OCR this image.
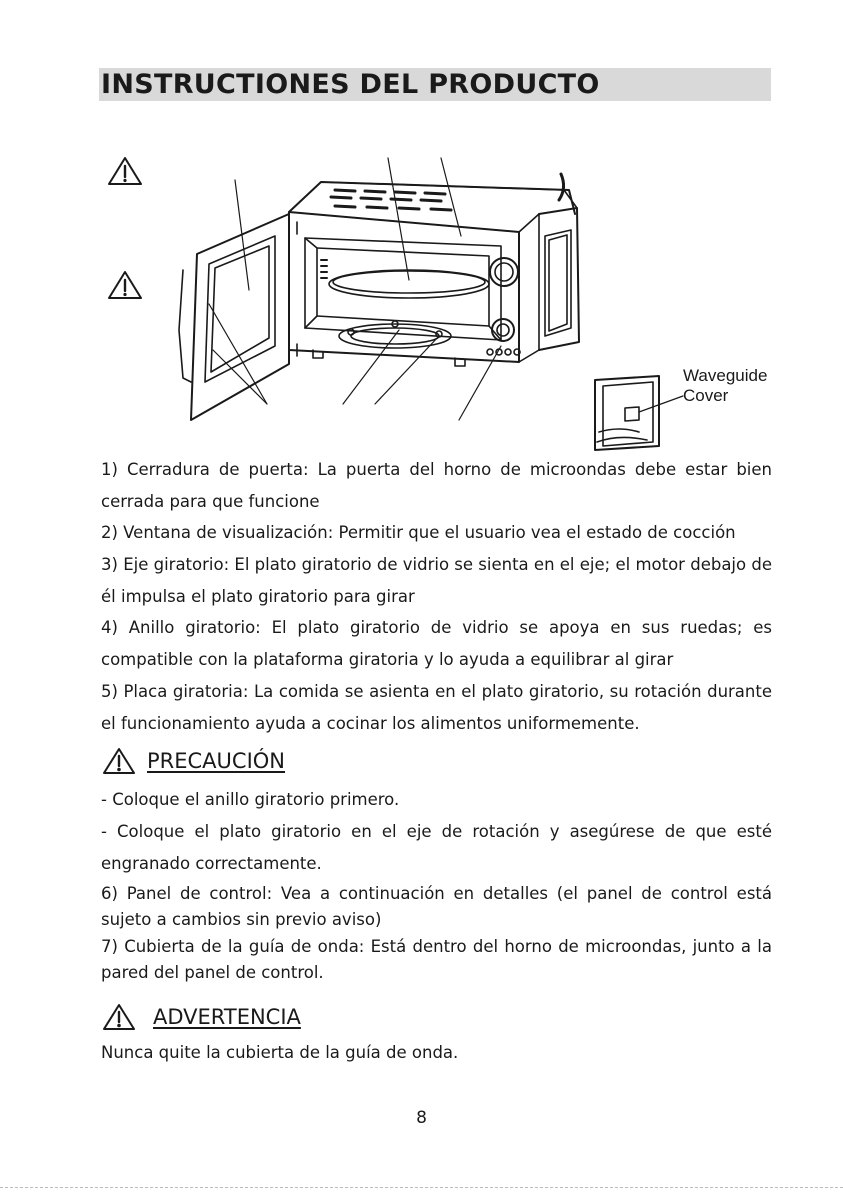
INSTRUCTIONES DEL PRODUCTO
Waveguide
Cover

1) Cerradura de puerta: La puerta del horno de microondas debe estar bien cerrada para que funcione

2) Ventana de visualización: Permitir que el usuario vea el estado de cocción

3) Eje giratorio: El plato giratorio de vidrio se sienta en el eje; el motor debajo de él impulsa el plato giratorio para girar

4) Anillo giratorio: El plato giratorio de vidrio se apoya en sus ruedas; es compatible con la plataforma giratoria y lo ayuda a equilibrar al girar

5) Placa giratoria: La comida se asienta en el plato giratorio, su rotación durante el funcionamiento ayuda a cocinar los alimentos uniformemente.

PRECAUCIÓN

- Coloque el anillo giratorio primero.

- Coloque el plato giratorio en el eje de rotación y asegúrese de que esté engranado correctamente.

6) Panel de control: Vea a continuación en detalles (el panel de control está sujeto a cambios sin previo aviso)

7) Cubierta de la guía de onda: Está dentro del horno de microondas, junto a la pared del panel de control.

ADVERTENCIA

Nunca quite la cubierta de la guía de onda.

8
